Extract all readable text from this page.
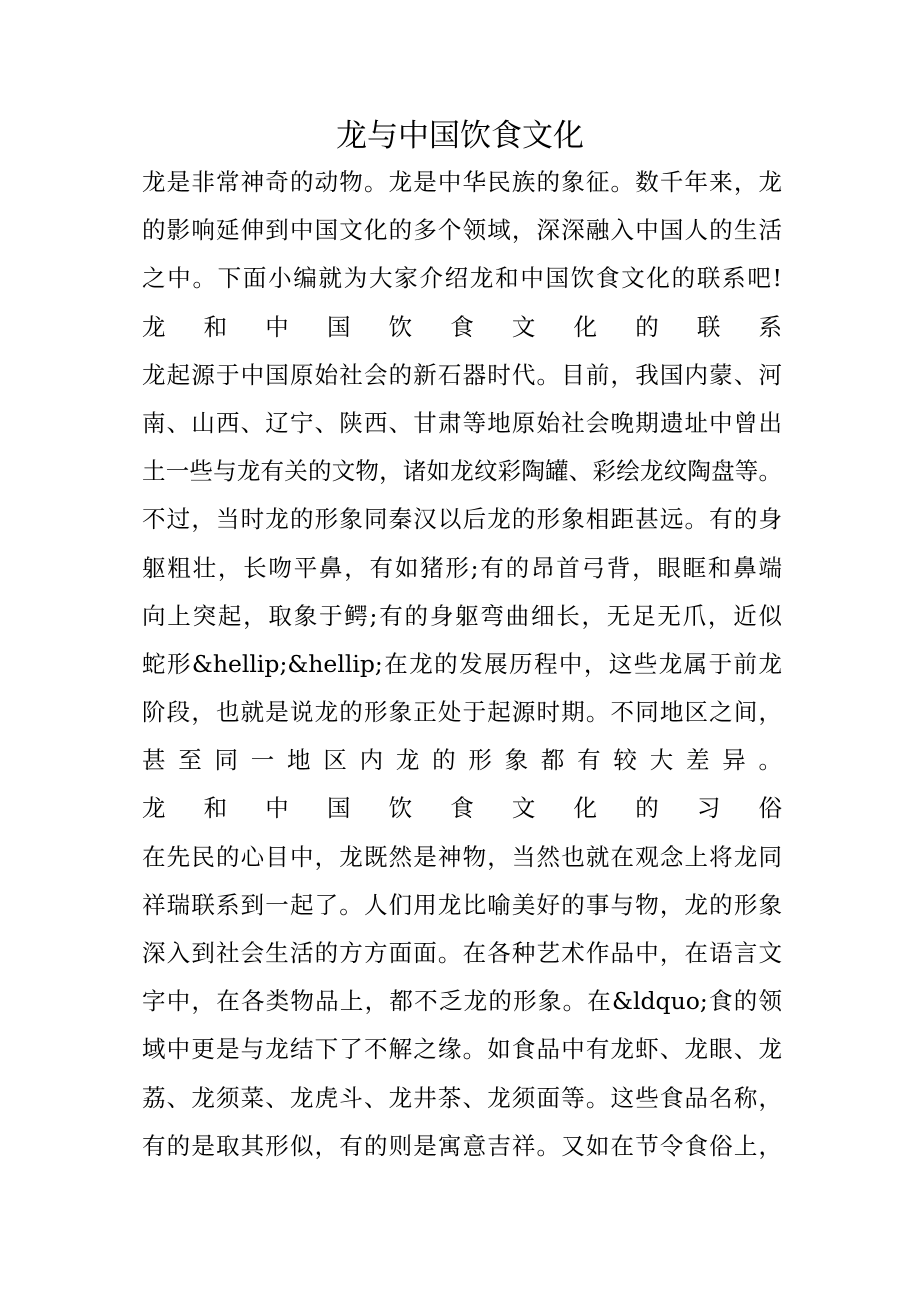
龙与中国饮食文化
龙是非常神奇的动物。龙是中华民族的象征。数千年来，龙
的影响延伸到中国文化的多个领域，深深融入中国人的生活
之中。下面小编就为大家介绍龙和中国饮食文化的联系吧!
龙 和 中 国 饮 食 文 化 的 联 系
龙起源于中国原始社会的新石器时代。目前，我国内蒙、河
南、山西、辽宁、陕西、甘肃等地原始社会晚期遗址中曾出
土一些与龙有关的文物，诸如龙纹彩陶罐、彩绘龙纹陶盘等。
不过，当时龙的形象同秦汉以后龙的形象相距甚远。有的身
躯粗壮，长吻平鼻，有如猪形;有的昂首弓背，眼眶和鼻端
向上突起，取象于鳄;有的身躯弯曲细长，无足无爪，近似
蛇形&hellip;&hellip;在龙的发展历程中，这些龙属于前龙
阶段，也就是说龙的形象正处于起源时期。不同地区之间，
甚 至 同 一 地 区 内 龙 的 形 象 都 有 较 大 差 异 。
龙 和 中 国 饮 食 文 化 的 习 俗
在先民的心目中，龙既然是神物，当然也就在观念上将龙同
祥瑞联系到一起了。人们用龙比喻美好的事与物，龙的形象
深入到社会生活的方方面面。在各种艺术作品中，在语言文
字中，在各类物品上，都不乏龙的形象。在&ldquo;食的领
域中更是与龙结下了不解之缘。如食品中有龙虾、龙眼、龙
荔、龙须菜、龙虎斗、龙井茶、龙须面等。这些食品名称，
有的是取其形似，有的则是寓意吉祥。又如在节令食俗上，
